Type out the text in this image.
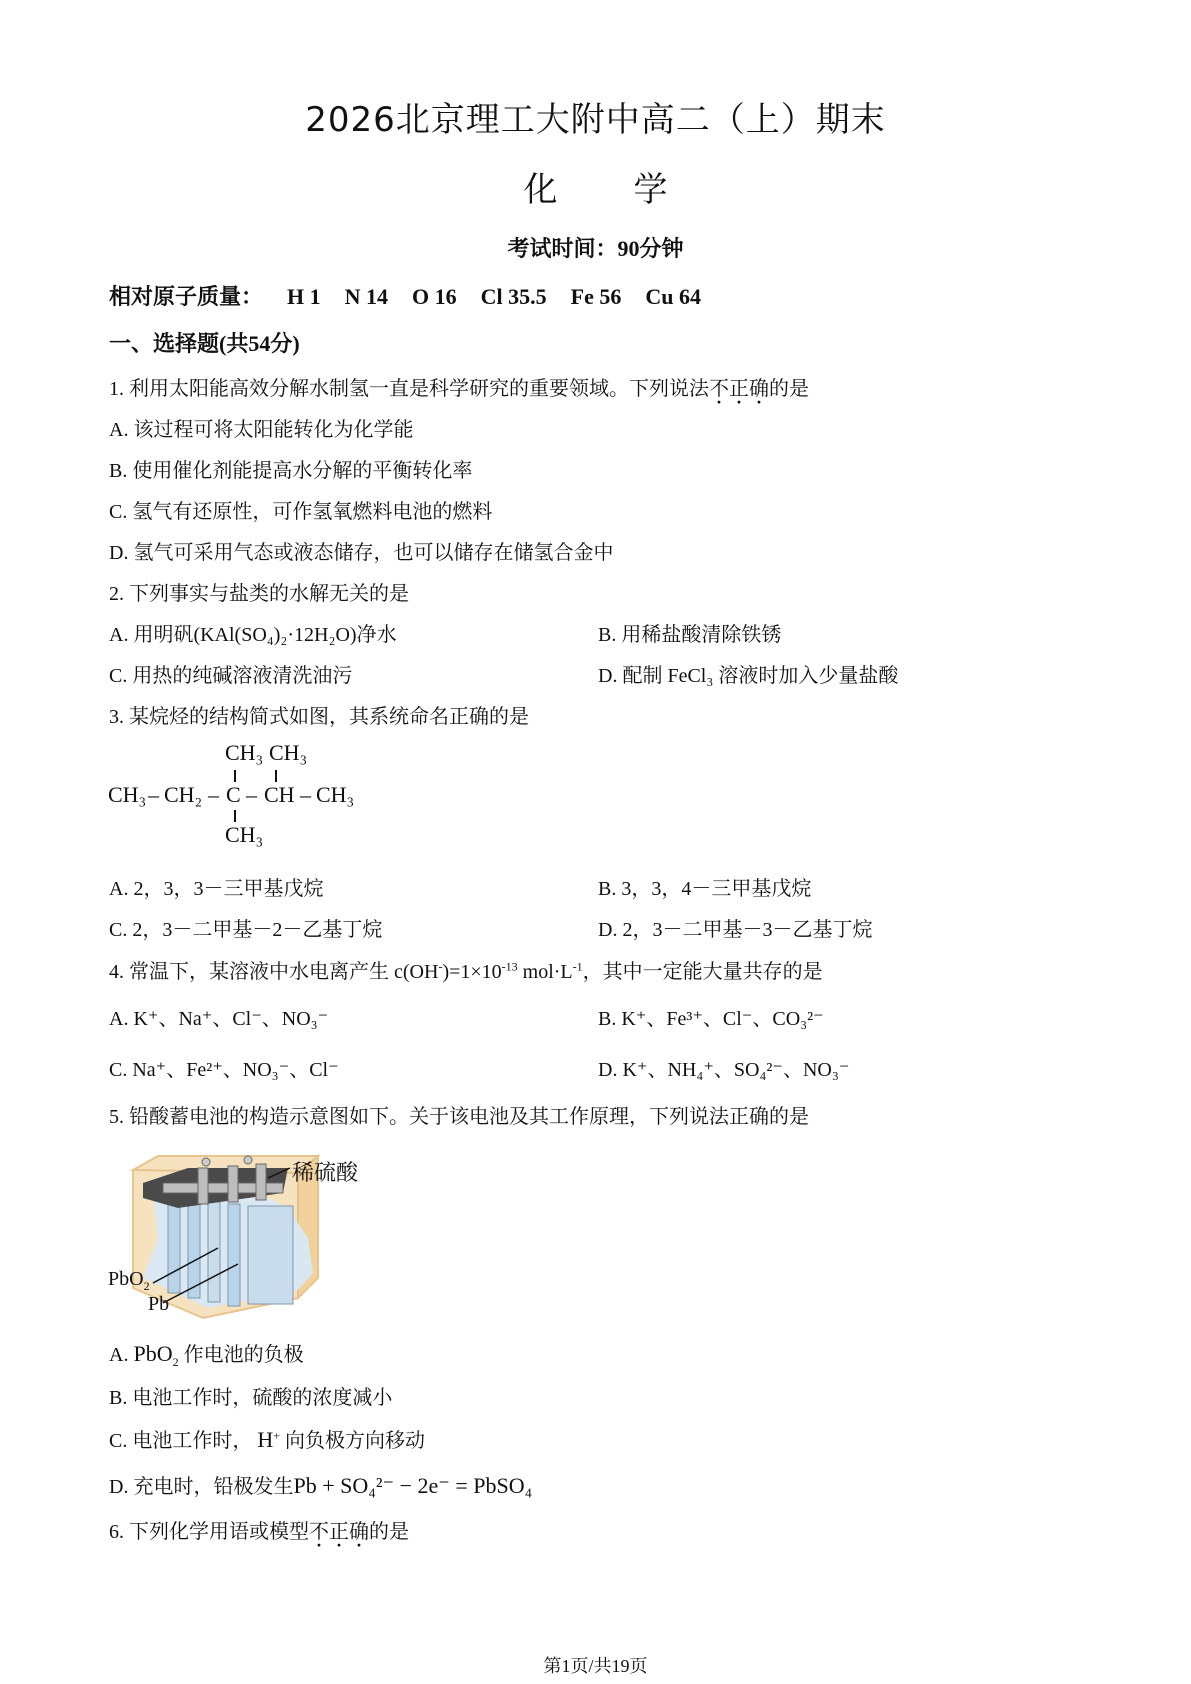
2026北京理工大附中高二（上）期末
化 学
考试时间：90分钟
相对原子质量： H 1 N 14 O 16 Cl 35.5 Fe 56 Cu 64
一、选择题(共54分)
1. 利用太阳能高效分解水制氢一直是科学研究的重要领域。下列说法不正确的是
A. 该过程可将太阳能转化为化学能
B. 使用催化剂能提高水分解的平衡转化率
C. 氢气有还原性，可作氢氧燃料电池的燃料
D. 氢气可采用气态或液态储存，也可以储存在储氢合金中
2. 下列事实与盐类的水解无关的是
A. 用明矾(KAl(SO₄)₂·12H₂O)净水	B. 用稀盐酸清除铁锈
C. 用热的纯碱溶液清洗油污	D. 配制 FeCl₃ 溶液时加入少量盐酸
3. 某烷烃的结构简式如图，其系统命名正确的是
CH₃ CH₃
CH₃ – CH₂ – C – CH – CH₃
CH₃
A. 2，3，3－三甲基戊烷	B. 3，3，4－三甲基戊烷
C. 2，3－二甲基－2－乙基丁烷	D. 2，3－二甲基－3－乙基丁烷
4. 常温下，某溶液中水电离产生 $c(OH^-)=1\times 10^{-13}$ $mol\cdot L^{-1}$，其中一定能大量共存的是
A. K⁺、Na⁺、Cl⁻、NO₃⁻	B. K⁺、Fe³⁺、Cl⁻、CO₃²⁻
C. Na⁺、Fe²⁺、NO₃⁻、Cl⁻	D. K⁺、NH₄⁺、SO₄²⁻、NO₃⁻
5. 铅酸蓄电池的构造示意图如下。关于该电池及其工作原理，下列说法正确的是
稀硫酸
PbO$_2$
Pb
A. PbO$_2$ 作电池的负极
B. 电池工作时，硫酸的浓度减小
C. 电池工作时， H+ 向负极方向移动
D. 充电时，铅极发生Pb + SO₄²⁻ − 2e⁻ = PbSO₄
6. 下列化学用语或模型不正确的是
第1页/共19页
